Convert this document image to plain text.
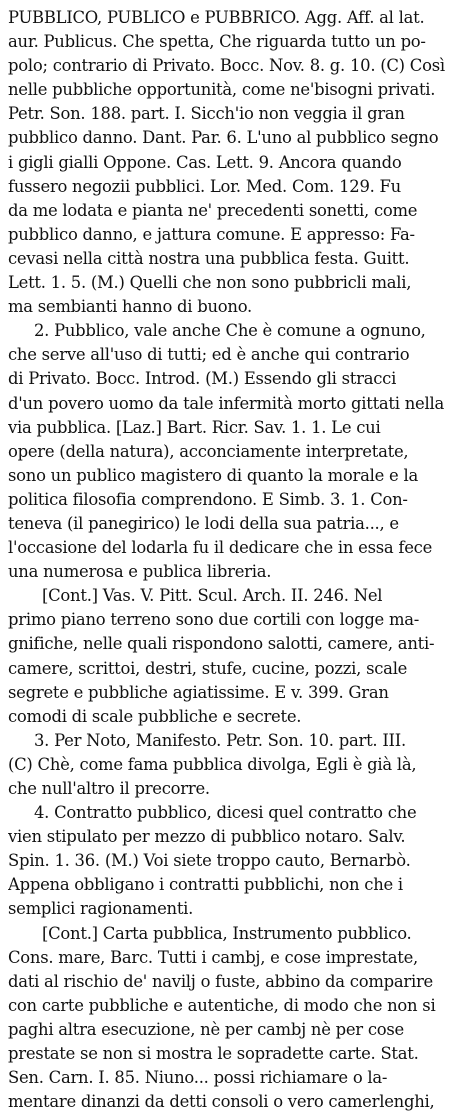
PUBBLICO, PUBLICO e PUBBRICO. Agg. Aff. al lat.
aur. Publicus. Che spetta, Che riguarda tutto un po-
polo; contrario di Privato. Bocc. Nov. 8. g. 10. (C) Così
nelle pubbliche opportunità, come ne'bisogni privati.
Petr. Son. 188. part. I. Sicch'io non veggia il gran
pubblico danno. Dant. Par. 6. L'uno al pubblico segno
i gigli gialli Oppone. Cas. Lett. 9. Ancora quando
fussero negozii pubblici. Lor. Med. Com. 129. Fu
da me lodata e pianta ne' precedenti sonetti, come
pubblico danno, e jattura comune. E appresso: Fa-
cevasi nella città nostra una pubblica festa. Guitt.
Lett. 1. 5. (M.) Quelli che non sono pubbricli mali,
ma sembianti hanno di buono.
2. Pubblico, vale anche Che è comune a ognuno,
che serve all'uso di tutti; ed è anche qui contrario
di Privato. Bocc. Introd. (M.) Essendo gli stracci
d'un povero uomo da tale infermità morto gittati nella
via pubblica. [Laz.] Bart. Ricr. Sav. 1. 1. Le cui
opere (della natura), acconciamente interpretate,
sono un publico magistero di quanto la morale e la
politica filosofia comprendono. E Simb. 3. 1. Con-
teneva (il panegirico) le lodi della sua patria..., e
l'occasione del lodarla fu il dedicare che in essa fece
una numerosa e publica libreria.
[Cont.] Vas. V. Pitt. Scul. Arch. II. 246. Nel
primo piano terreno sono due cortili con logge ma-
gnifiche, nelle quali rispondono salotti, camere, anti-
camere, scrittoi, destri, stufe, cucine, pozzi, scale
segrete e pubbliche agiatissime. E v. 399. Gran
comodi di scale pubbliche e secrete.
3. Per Noto, Manifesto. Petr. Son. 10. part. III.
(C) Chè, come fama pubblica divolga, Egli è già là,
che null'altro il precorre.
4. Contratto pubblico, dicesi quel contratto che
vien stipulato per mezzo di pubblico notaro. Salv.
Spin. 1. 36. (M.) Voi siete troppo cauto, Bernarbò.
Appena obbligano i contratti pubblichi, non che i
semplici ragionamenti.
[Cont.] Carta pubblica, Instrumento pubblico.
Cons. mare, Barc. Tutti i cambj, e cose imprestate,
dati al rischio de' navilj o fuste, abbino da comparire
con carte pubbliche e autentiche, di modo che non si
paghi altra esecuzione, nè per cambj nè per cose
prestate se non si mostra le sopradette carte. Stat.
Sen. Carn. I. 85. Niuno... possi richiamare o la-
mentare dinanzi da detti consoli o vero camerlenghi,
